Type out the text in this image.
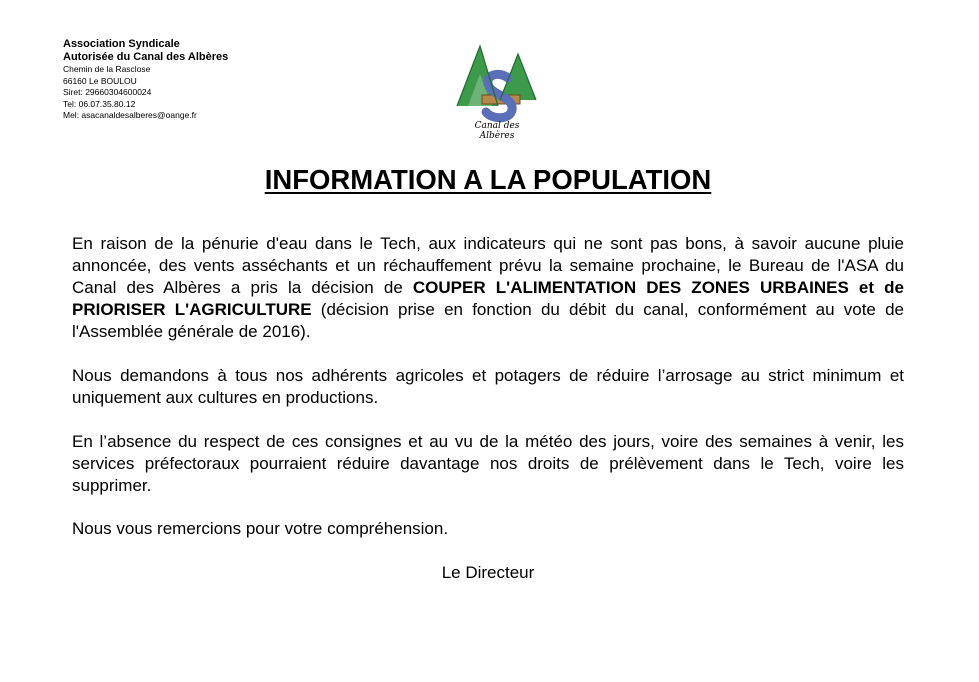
Association Syndicale
Autorisée du Canal des Albères
Chemin de la Rasclose
66160 Le BOULOU
Siret: 29660304600024
Tel: 06.07.35.80.12
Mel: asacanaldesalberes@oange.fr
Canal des Albères
INFORMATION A LA POPULATION

En raison de la pénurie d'eau dans le Tech, aux indicateurs qui ne sont pas bons, à savoir aucune pluie annoncée, des vents asséchants et un réchauffement prévu la semaine prochaine, le Bureau de l'ASA du Canal des Albères a pris la décision de COUPER L'ALIMENTATION DES ZONES URBAINES et de PRIORISER L'AGRICULTURE (décision prise en fonction du débit du canal, conformément au vote de l'Assemblée générale de 2016).

Nous demandons à tous nos adhérents agricoles et potagers de réduire l’arrosage au strict minimum et uniquement aux cultures en productions.

En l’absence du respect de ces consignes et au vu de la météo des jours, voire des semaines à venir, les services préfectoraux pourraient réduire davantage nos droits de prélèvement dans le Tech, voire les supprimer.

Nous vous remercions pour votre compréhension.

Le Directeur
